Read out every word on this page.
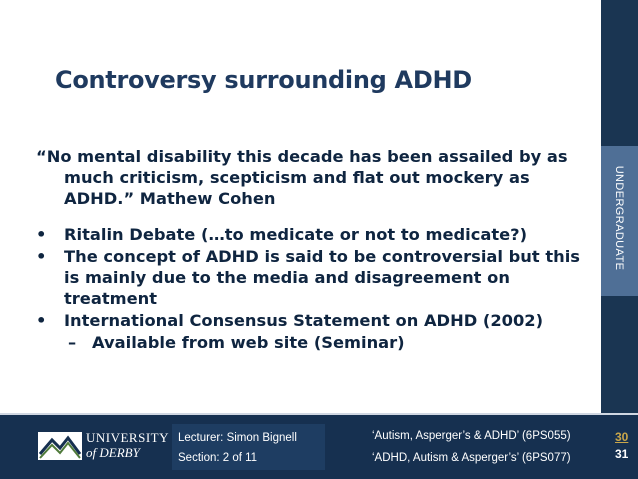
UNDERGRADUATE
Controversy surrounding ADHD
“No mental disability this decade has been assailed by as much criticism, scepticism and flat out mockery as ADHD.” Mathew Cohen
• Ritalin Debate (…to medicate or not to medicate?)
• The concept of ADHD is said to be controversial but this is mainly due to the media and disagreement on treatment
• International Consensus Statement on ADHD (2002)
– Available from web site (Seminar)
UNIVERSITY
of DERBY
Lecturer: Simon Bignell
Section: 2 of 11
‘Autism, Asperger’s & ADHD’ (6PS055)
‘ADHD, Autism & Asperger’s’ (6PS077)
30
31
